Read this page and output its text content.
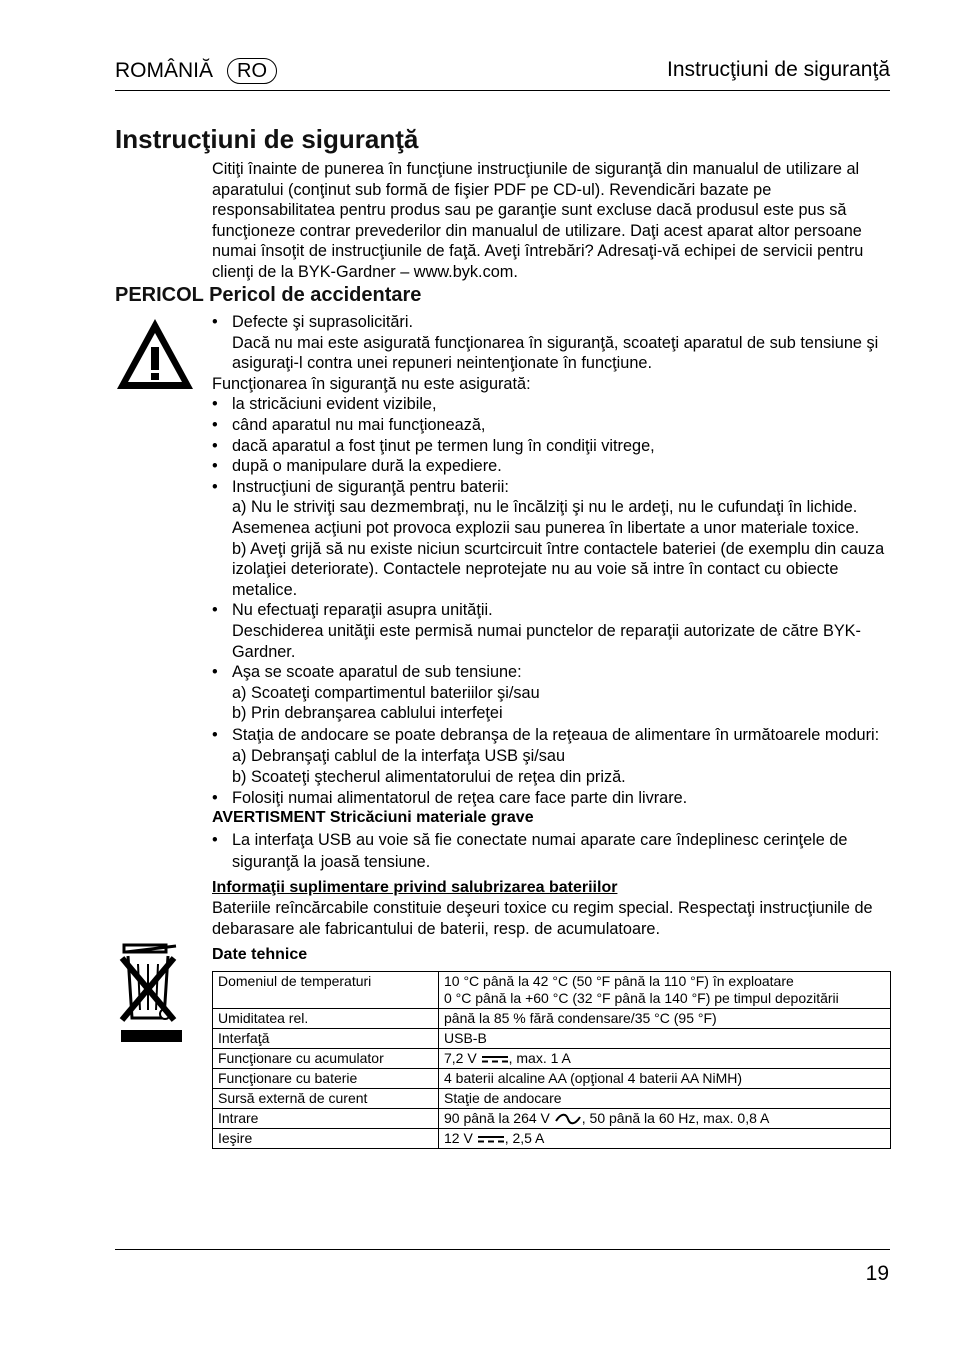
ROMÂNIĂ	RO	Instrucţiuni de siguranţă
Instrucţiuni de siguranţă
Citiţi înainte de punerea în funcţiune instrucţiunile de siguranţă din manualul de utilizare al aparatului (conţinut sub formă de fişier PDF pe CD-ul). Revendicări bazate pe responsabilitatea pentru produs sau pe garanţie sunt excluse dacă produsul este pus să funcţioneze contrar prevederilor din manualul de utilizare. Daţi acest aparat altor persoane numai însoţit de instrucţiunile de faţă. Aveţi întrebări? Adresaţi-vă echipei de servicii pentru clienţi de la BYK-Gardner – www.byk.com.
PERICOL Pericol de accidentare

• Defecte şi suprasolicitări.

Dacă nu mai este asigurată funcţionarea în siguranţă, scoateţi aparatul de sub tensiune şi asiguraţi-l contra unei repuneri neintenţionate în funcţiune.

Funcţionarea în siguranţă nu este asigurată:

• la stricăciuni evident vizibile,

• când aparatul nu mai funcţionează,

• dacă aparatul a fost ţinut pe termen lung în condiţii vitrege,

• după o manipulare dură la expediere.

• Instrucţiuni de siguranţă pentru baterii:

a) Nu le striviţi sau dezmembraţi, nu le încălziţi şi nu le ardeţi, nu le cufundaţi în lichide. Asemenea acţiuni pot provoca explozii sau punerea în libertate a unor materiale toxice.

b) Aveţi grijă să nu existe niciun scurtcircuit între contactele bateriei (de exemplu din cauza izolaţiei deteriorate). Contactele neprotejate nu au voie să intre în contact cu obiecte metalice.

• Nu efectuaţi reparaţii asupra unităţii.

Deschiderea unităţii este permisă numai punctelor de reparaţii autorizate de către BYK-Gardner.

• Aşa se scoate aparatul de sub tensiune:

a) Scoateţi compartimentul bateriilor şi/sau

b) Prin debranşarea cablului interfeţei

• Staţia de andocare se poate debranşa de la reţeaua de alimentare în următoarele moduri:

a) Debranşaţi cablul de la interfaţa USB şi/sau

b) Scoateţi ştecherul alimentatorului de reţea din priză.

• Folosiţi numai alimentatorul de reţea care face parte din livrare.

AVERTISMENT Stricăciuni materiale grave

• La interfaţa USB au voie să fie conectate numai aparate care îndeplinesc cerinţele de siguranţă la joasă tensiune.

Informaţii suplimentare privind salubrizarea bateriilor

Bateriile reîncărcabile constituie deşeuri toxice cu regim special. Respectaţi instrucţiunile de debarasare ale fabricantului de baterii, resp. de acumulatoare.

Date tehnice

Domeniul de temperaturi	10 °C până la 42 °C (50 °F până la 110 °F) în exploatare
0 °C până la +60 °C (32 °F până la 140 °F) pe timpul depozitării

Umiditatea rel.	până la 85 % fără condensare/35 °C (95 °F)
Interfaţă	USB-B
Funcţionare cu acumulator	7,2 V , max. 1 A
Funcţionare cu baterie	4 baterii alcaline AA (opţional 4 baterii AA NiMH)
Sursă externă de curent	Staţie de andocare
Intrare	90 până la 264 V , 50 până la 60 Hz, max. 0,8 A
Ieşire	12 V , 2,5 A
19
